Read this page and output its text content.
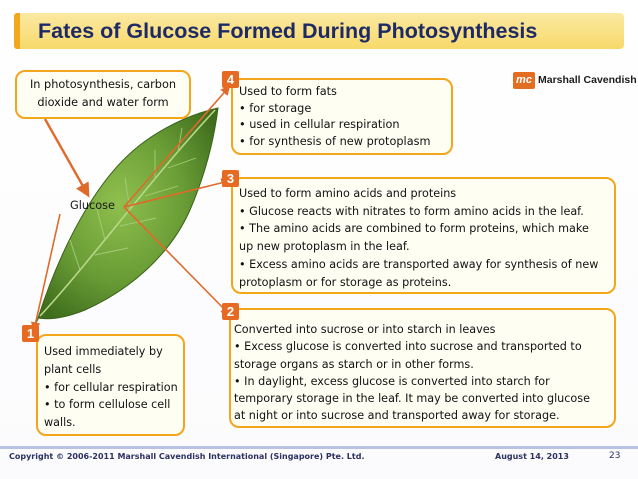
Fates of Glucose Formed During Photosynthesis
mc Marshall Cavendish
In photosynthesis, carbon
dioxide and water form
Glucose
Used to form fats
• for storage
• used in cellular respiration
• for synthesis of new protoplasm
4
Used to form amino acids and proteins
• Glucose reacts with nitrates to form amino acids in the leaf.
• The amino acids are combined to form proteins, which make
up new protoplasm in the leaf.
• Excess amino acids are transported away for synthesis of new
protoplasm or for storage as proteins.
3
Converted into sucrose or into starch in leaves
• Excess glucose is converted into sucrose and transported to
storage organs as starch or in other forms.
• In daylight, excess glucose is converted into starch for
temporary storage in the leaf. It may be converted into glucose
at night or into sucrose and transported away for storage.
2
Used immediately by
plant cells
• for cellular respiration
• to form cellulose cell
walls.
1
Copyright © 2006-2011 Marshall Cavendish International (Singapore) Pte. Ltd.	August 14, 2013	23
